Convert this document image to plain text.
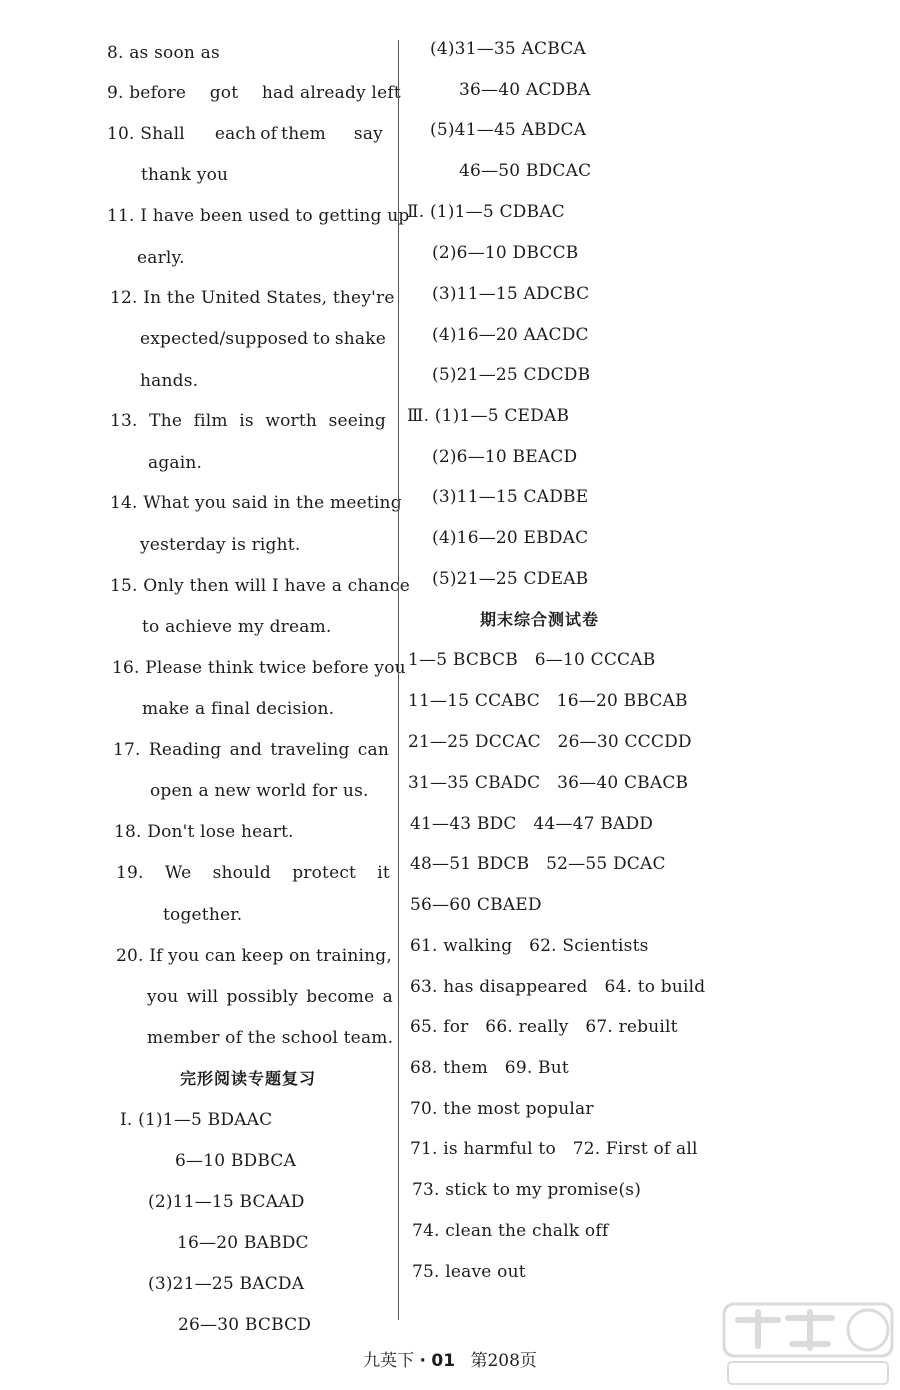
8. as soon as
9. before got had already left
10. Shall each of them say
thank you
11. I have been used to getting up
early.
12. In the United States, they're
expected/supposed to shake
hands.
13. The film is worth seeing
again.
14. What you said in the meeting
yesterday is right.
15. Only then will I have a chance
to achieve my dream.
16. Please think twice before you
make a final decision.
17. Reading and traveling can
open a new world for us.
18. Don't lose heart.
19. We should protect it
together.
20. If you can keep on training,
you will possibly become a
member of the school team.
完形阅读专题复习
Ⅰ. (1)1—5 BDAAC
6—10 BDBCA
(2)11—15 BCAAD
16—20 BABDC
(3)21—25 BACDA
26—30 BCBCD
(4)31—35 ACBCA
36—40 ACDBA
(5)41—45 ABDCA
46—50 BDCAC
Ⅱ. (1)1—5 CDBAC
(2)6—10 DBCCB
(3)11—15 ADCBC
(4)16—20 AACDC
(5)21—25 CDCDB
Ⅲ. (1)1—5 CEDAB
(2)6—10 BEACD
(3)11—15 CADBE
(4)16—20 EBDAC
(5)21—25 CDEAB
期末综合测试卷
1—5 BCBCB   6—10 CCCAB
11—15 CCABC   16—20 BBCAB
21—25 DCCAC   26—30 CCCDD
31—35 CBADC   36—40 CBACB
41—43 BDC   44—47 BADD
48—51 BDCB   52—55 DCAC
56—60 CBAED
61. walking   62. Scientists
63. has disappeared   64. to build
65. for   66. really   67. rebuilt
68. them   69. But
70. the most popular
71. is harmful to   72. First of all
73. stick to my promise(s)
74. clean the chalk off
75. leave out
九英下 · 01 第208页
